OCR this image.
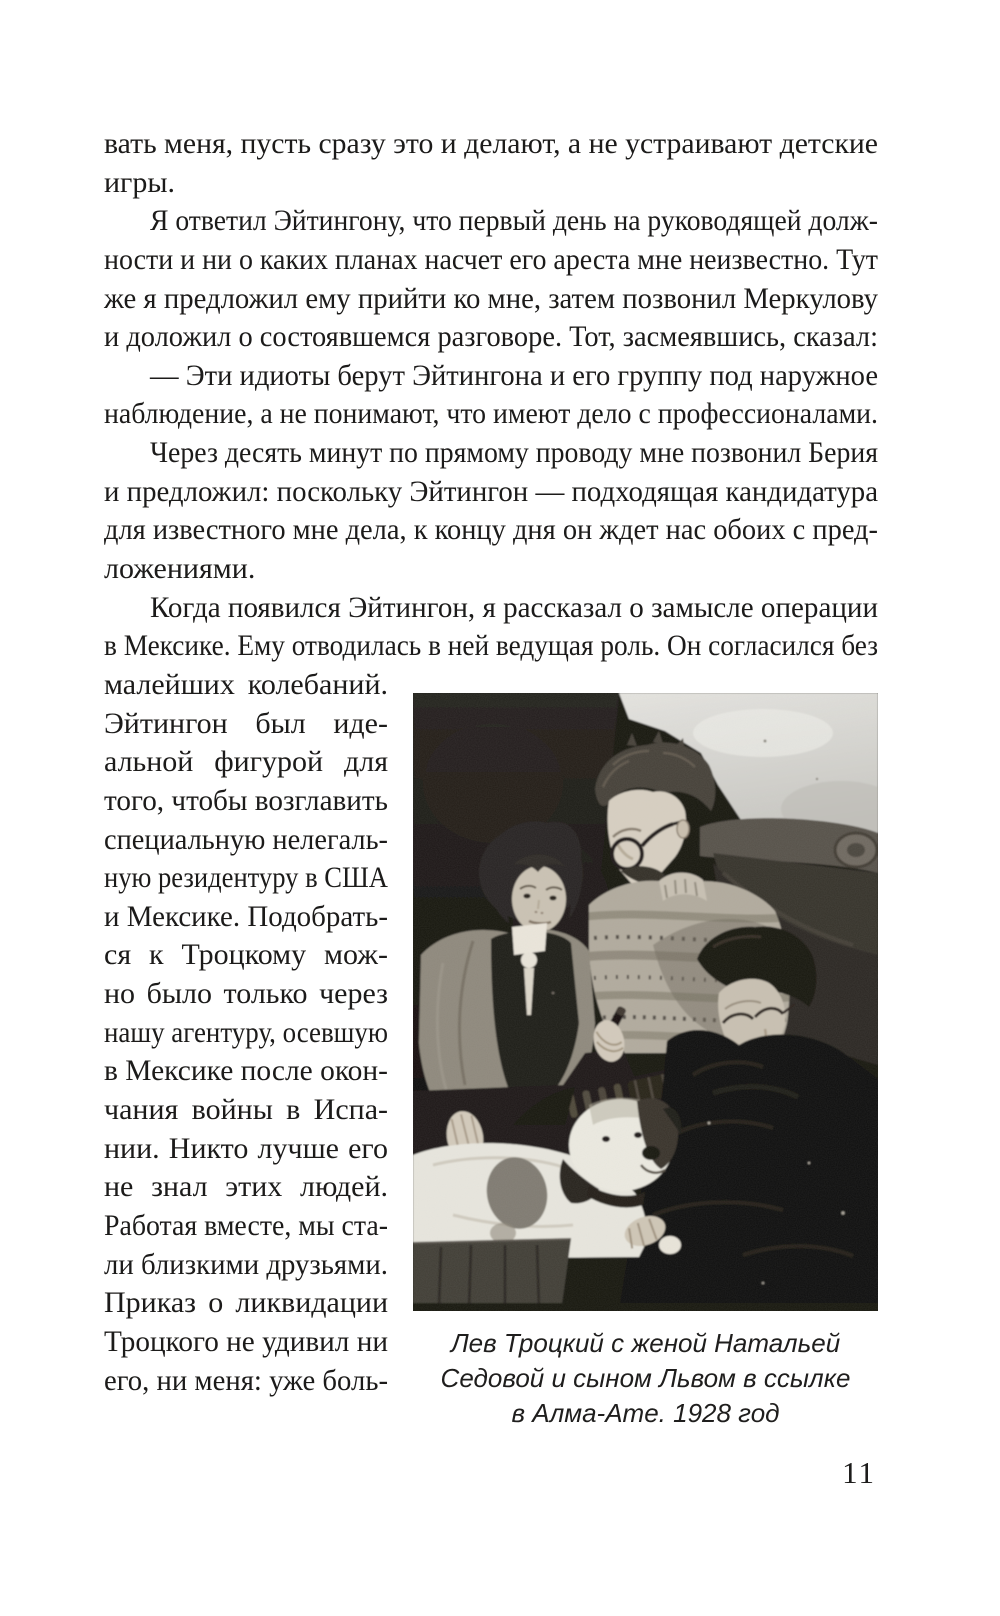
вать меня, пусть сразу это и делают, а не устраивают детские
игры.
Я ответил Эйтингону, что первый день на руководящей долж-
ности и ни о каких планах насчет его ареста мне неизвестно. Тут
же я предложил ему прийти ко мне, затем позвонил Меркулову
и доложил о состоявшемся разговоре. Тот, засмеявшись, сказал:
— Эти идиоты берут Эйтингона и его группу под наружное
наблюдение, а не понимают, что имеют дело с профессионалами.
Через десять минут по прямому проводу мне позвонил Берия
и предложил: поскольку Эйтингон — подходящая кандидатура
для известного мне дела, к концу дня он ждет нас обоих с пред-
ложениями.
Когда появился Эйтингон, я рассказал о замысле операции
в Мексике. Ему отводилась в ней ведущая роль. Он согласился без
малейших колебаний.
Эйтингон был иде-
альной фигурой для
того, чтобы возглавить
специальную нелегаль-
ную резидентуру в США
и Мексике. Подобрать-
ся к Троцкому мож-
но было только через
нашу агентуру, осевшую
в Мексике после окон-
чания войны в Испа-
нии. Никто лучше его
не знал этих людей.
Работая вместе, мы ста-
ли близкими друзьями.
Приказ о ликвидации
Троцкого не удивил ни
его, ни меня: уже боль-
Лев Троцкий с женой Натальей
Седовой и сыном Львом в ссылке
в Алма-Ате. 1928 год
11
